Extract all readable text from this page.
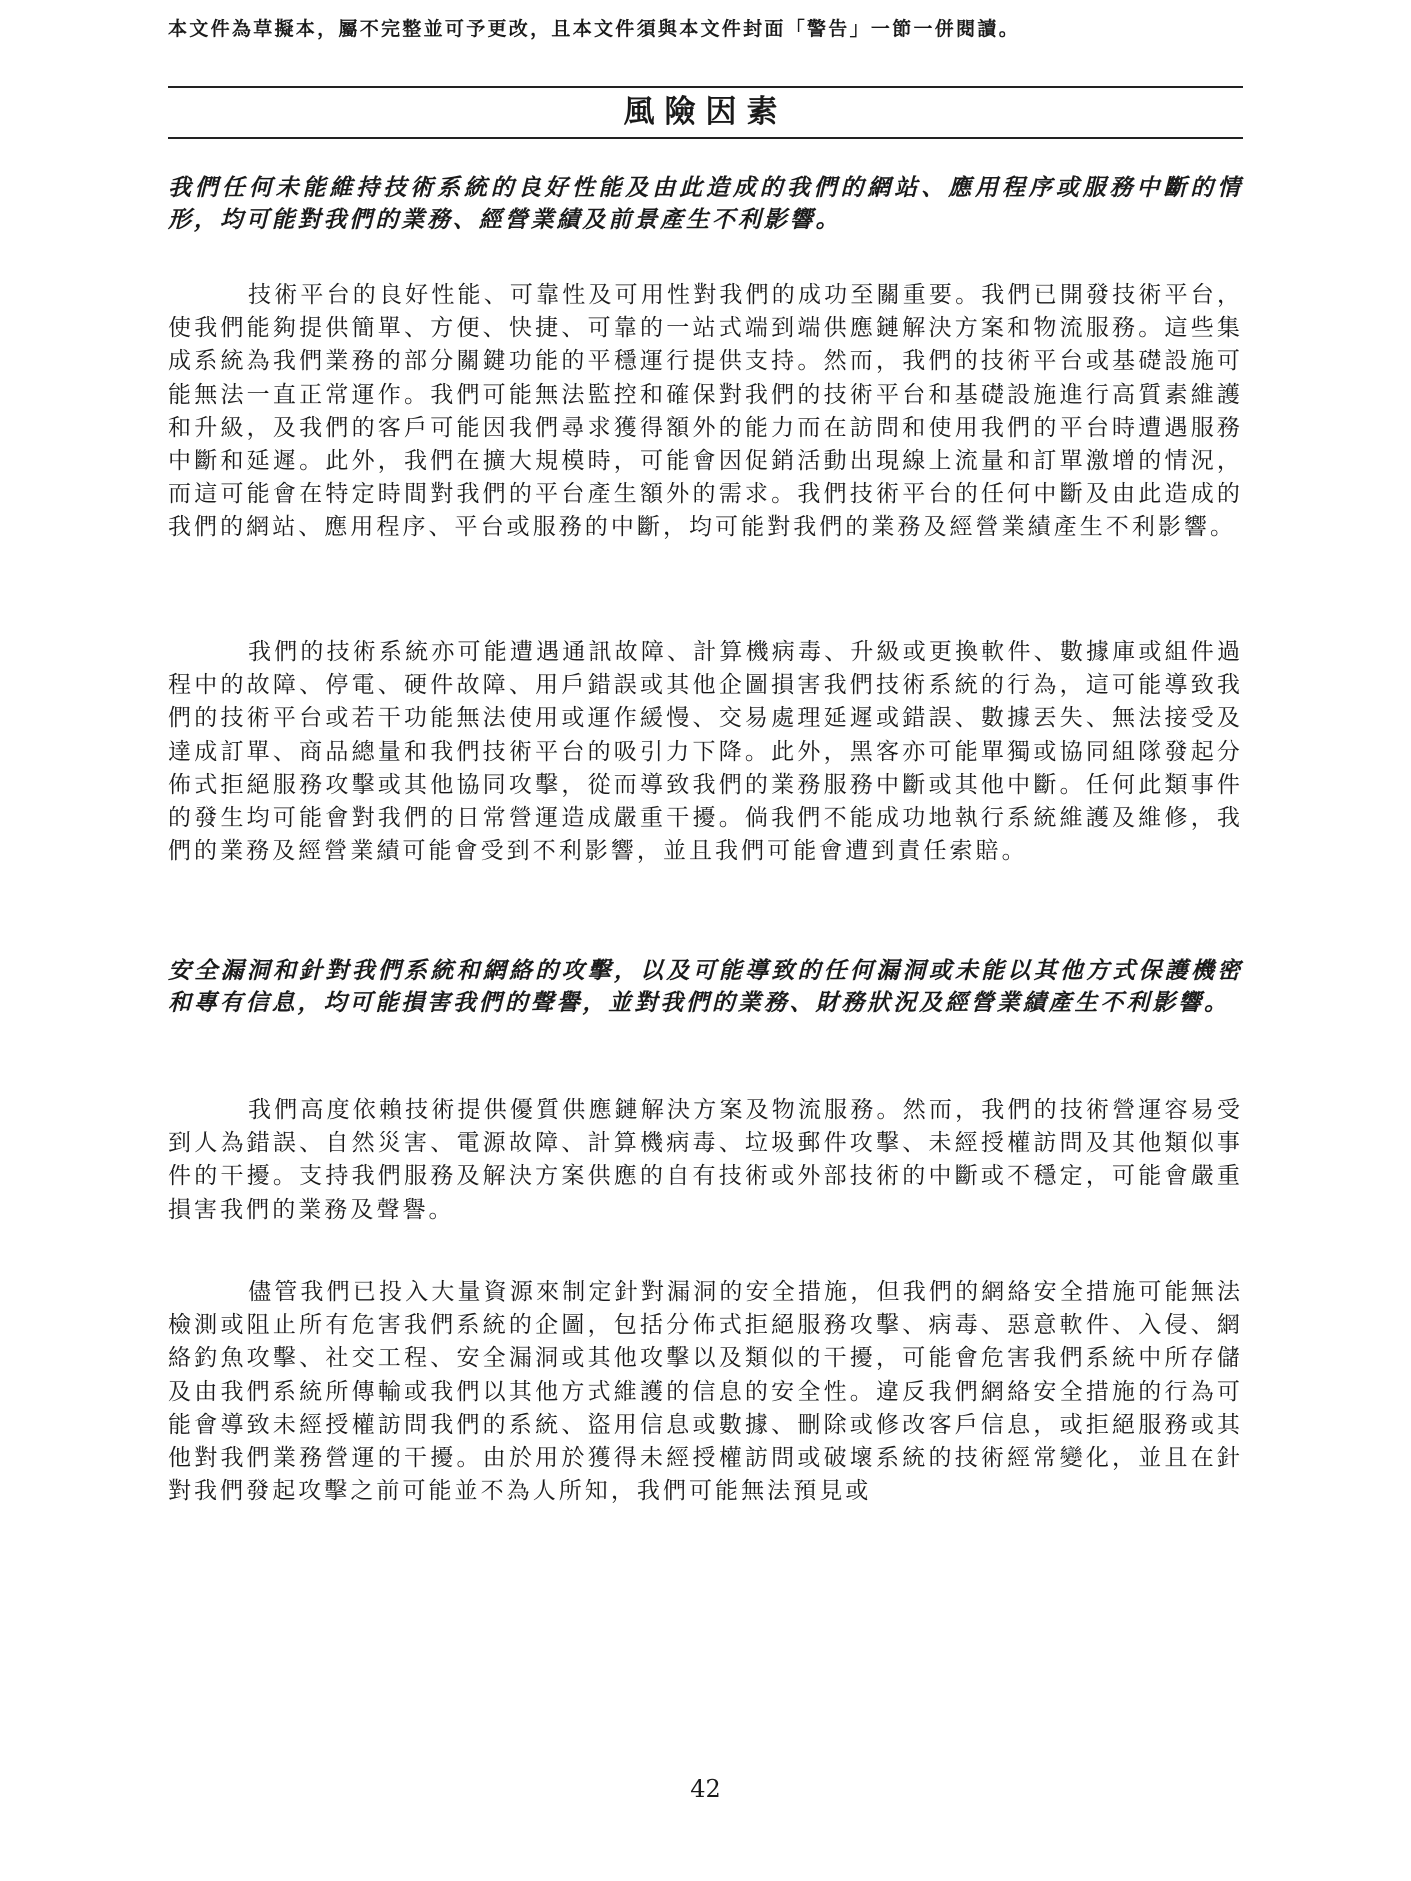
本文件為草擬本，屬不完整並可予更改，且本文件須與本文件封面「警告」一節一併閱讀。
風險因素
我們任何未能維持技術系統的良好性能及由此造成的我們的網站、應用程序或服務中斷的情形，均可能對我們的業務、經營業績及前景產生不利影響。
技術平台的良好性能、可靠性及可用性對我們的成功至關重要。我們已開發技術平台，使我們能夠提供簡單、方便、快捷、可靠的一站式端到端供應鏈解決方案和物流服務。這些集成系統為我們業務的部分關鍵功能的平穩運行提供支持。然而，我們的技術平台或基礎設施可能無法一直正常運作。我們可能無法監控和確保對我們的技術平台和基礎設施進行高質素維護和升級，及我們的客戶可能因我們尋求獲得額外的能力而在訪問和使用我們的平台時遭遇服務中斷和延遲。此外，我們在擴大規模時，可能會因促銷活動出現線上流量和訂單激增的情況，而這可能會在特定時間對我們的平台產生額外的需求。我們技術平台的任何中斷及由此造成的我們的網站、應用程序、平台或服務的中斷，均可能對我們的業務及經營業績產生不利影響。
我們的技術系統亦可能遭遇通訊故障、計算機病毒、升級或更換軟件、數據庫或組件過程中的故障、停電、硬件故障、用戶錯誤或其他企圖損害我們技術系統的行為，這可能導致我們的技術平台或若干功能無法使用或運作緩慢、交易處理延遲或錯誤、數據丟失、無法接受及達成訂單、商品總量和我們技術平台的吸引力下降。此外，黑客亦可能單獨或協同組隊發起分佈式拒絕服務攻擊或其他協同攻擊，從而導致我們的業務服務中斷或其他中斷。任何此類事件的發生均可能會對我們的日常營運造成嚴重干擾。倘我們不能成功地執行系統維護及維修，我們的業務及經營業績可能會受到不利影響，並且我們可能會遭到責任索賠。
安全漏洞和針對我們系統和網絡的攻擊，以及可能導致的任何漏洞或未能以其他方式保護機密和專有信息，均可能損害我們的聲譽，並對我們的業務、財務狀況及經營業績產生不利影響。
我們高度依賴技術提供優質供應鏈解決方案及物流服務。然而，我們的技術營運容易受到人為錯誤、自然災害、電源故障、計算機病毒、垃圾郵件攻擊、未經授權訪問及其他類似事件的干擾。支持我們服務及解決方案供應的自有技術或外部技術的中斷或不穩定，可能會嚴重損害我們的業務及聲譽。
儘管我們已投入大量資源來制定針對漏洞的安全措施，但我們的網絡安全措施可能無法檢測或阻止所有危害我們系統的企圖，包括分佈式拒絕服務攻擊、病毒、惡意軟件、入侵、網絡釣魚攻擊、社交工程、安全漏洞或其他攻擊以及類似的干擾，可能會危害我們系統中所存儲及由我們系統所傳輸或我們以其他方式維護的信息的安全性。違反我們網絡安全措施的行為可能會導致未經授權訪問我們的系統、盜用信息或數據、刪除或修改客戶信息，或拒絕服務或其他對我們業務營運的干擾。由於用於獲得未經授權訪問或破壞系統的技術經常變化，並且在針對我們發起攻擊之前可能並不為人所知，我們可能無法預見或
42
